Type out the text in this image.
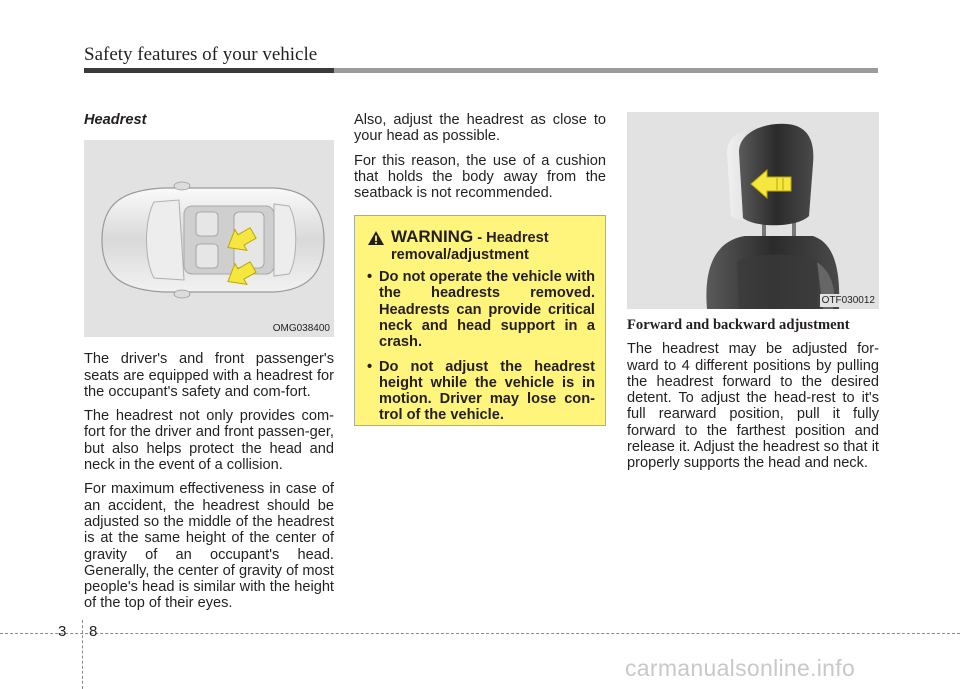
Safety features of your vehicle
Headrest
OMG038400

The driver's and front passenger's seats are equipped with a headrest for the occupant's safety and com-fort.

The headrest not only provides com-fort for the driver and front passen-ger, but also helps protect the head and neck in the event of a collision.

For maximum effectiveness in case of an accident, the headrest should be adjusted so the middle of the headrest is at the same height of the center of gravity of an occupant's head. Generally, the center of gravity of most people's head is similar with the height of the top of their eyes.

Also, adjust the headrest as close to your head as possible.

For this reason, the use of a cushion that holds the body away from the seatback is not recommended.

WARNING - Headrest removal/adjustment
• Do not operate the vehicle with the headrests removed. Headrests can provide critical neck and head support in a crash.
• Do not adjust the headrest height while the vehicle is in motion. Driver may lose con-trol of the vehicle.
OTF030012
Forward and backward adjustment

The headrest may be adjusted for-ward to 4 different positions by pulling the headrest forward to the desired detent. To adjust the head-rest to it's full rearward position, pull it fully forward to the farthest position and release it. Adjust the headrest so that it properly supports the head and neck.

3 8
carmanualsonline.info
